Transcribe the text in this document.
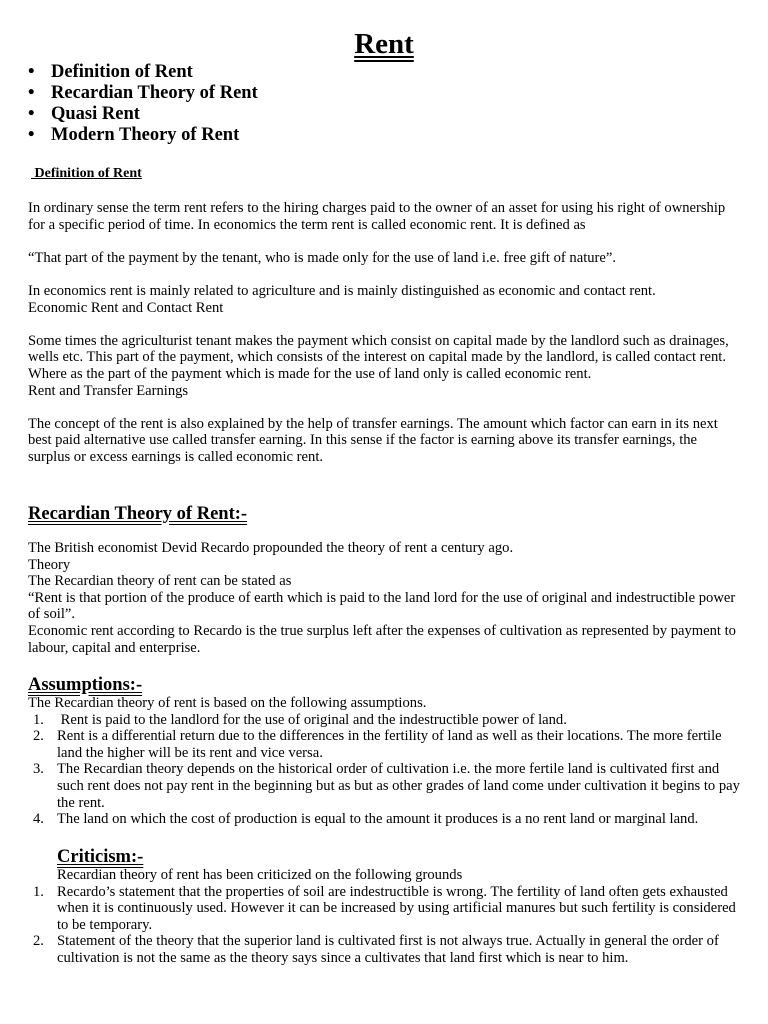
Rent
• Definition of Rent
• Recardian Theory of Rent
• Quasi Rent
• Modern Theory of Rent
Definition of Rent

In ordinary sense the term rent refers to the hiring charges paid to the owner of an asset for using his right of ownership for a specific period of time. In economics the term rent is called economic rent. It is defined as

“That part of the payment by the tenant, who is made only for the use of land i.e. free gift of nature”.

In economics rent is mainly related to agriculture and is mainly distinguished as economic and contact rent.

Economic Rent and Contact Rent

Some times the agriculturist tenant makes the payment which consist on capital made by the landlord such as drainages, wells etc. This part of the payment, which consists of the interest on capital made by the landlord, is called contact rent. Where as the part of the payment which is made for the use of land only is called economic rent.

Rent and Transfer Earnings

The concept of the rent is also explained by the help of transfer earnings. The amount which factor can earn in its next best paid alternative use called transfer earning. In this sense if the factor is earning above its transfer earnings, the surplus or excess earnings is called economic rent.

Recardian Theory of Rent:-

The British economist Devid Recardo propounded the theory of rent a century ago.

Theory

The Recardian theory of rent can be stated as

“Rent is that portion of the produce of earth which is paid to the land lord for the use of original and indestructible power of soil”.

Economic rent according to Recardo is the true surplus left after the expenses of cultivation as represented by payment to labour, capital and enterprise.

Assumptions:-

The Recardian theory of rent is based on the following assumptions.

1. Rent is paid to the landlord for the use of original and the indestructible power of land.
2. Rent is a differential return due to the differences in the fertility of land as well as their locations. The more fertile land the higher will be its rent and vice versa.
3. The Recardian theory depends on the historical order of cultivation i.e. the more fertile land is cultivated first and such rent does not pay rent in the beginning but as but as other grades of land come under cultivation it begins to pay the rent.
4. The land on which the cost of production is equal to the amount it produces is a no rent land or marginal land.
Criticism:-

Recardian theory of rent has been criticized on the following grounds

1. Recardo’s statement that the properties of soil are indestructible is wrong. The fertility of land often gets exhausted when it is continuously used. However it can be increased by using artificial manures but such fertility is considered to be temporary.
2. Statement of the theory that the superior land is cultivated first is not always true. Actually in general the order of cultivation is not the same as the theory says since a cultivates that land first which is near to him.
